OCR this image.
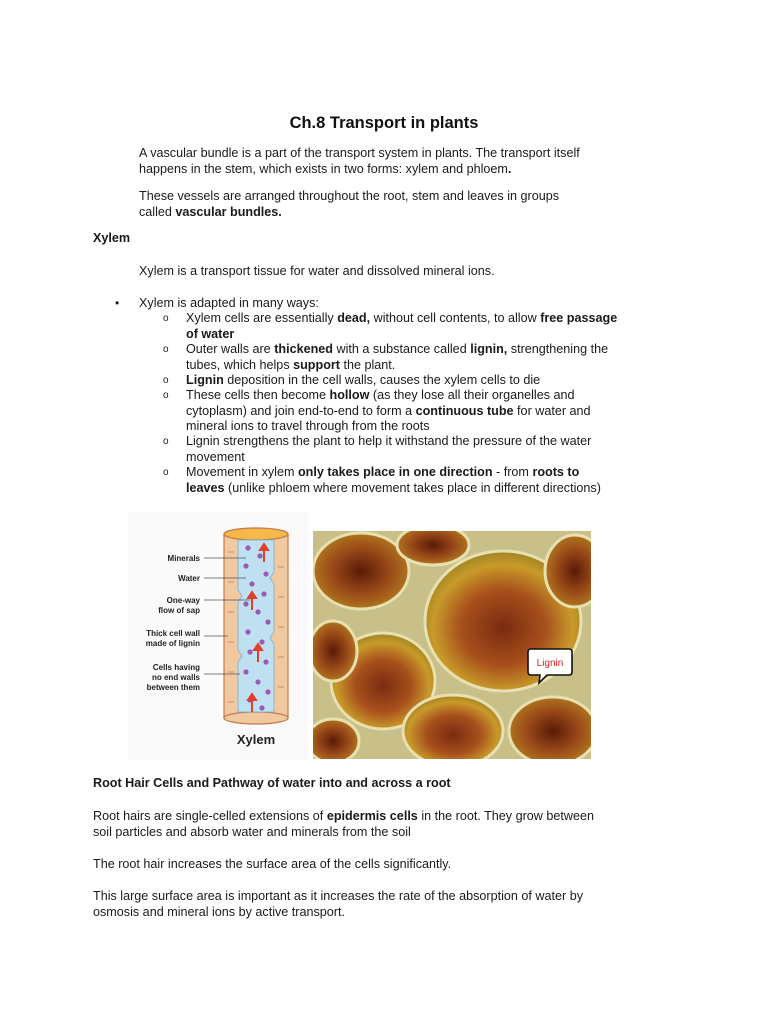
Ch.8 Transport in plants
A vascular bundle is a part of the transport system in plants. The transport itself
happens in the stem, which exists in two forms: xylem and phloem.
These vessels are arranged throughout the root, stem and leaves in groups
called vascular bundles.
Xylem
Xylem is a transport tissue for water and dissolved mineral ions.
• Xylem is adapted in many ways:
o Xylem cells are essentially dead, without cell contents, to allow free passage
of water
o Outer walls are thickened with a substance called lignin, strengthening the
tubes, which helps support the plant.
o Lignin deposition in the cell walls, causes the xylem cells to die
o These cells then become hollow (as they lose all their organelles and
cytoplasm) and join end-to-end to form a continuous tube for water and
mineral ions to travel through from the roots
o Lignin strengthens the plant to help it withstand the pressure of the water
movement
o Movement in xylem only takes place in one direction - from roots to
leaves (unlike phloem where movement takes place in different directions)
Minerals
Water
One-way
flow of sap
Thick cell wall
made of lignin
Cells having
no end walls
between them
Xylem
Lignin
Root Hair Cells and Pathway of water into and across a root
Root hairs are single-celled extensions of epidermis cells in the root. They grow between
soil particles and absorb water and minerals from the soil
The root hair increases the surface area of the cells significantly.
This large surface area is important as it increases the rate of the absorption of water by
osmosis and mineral ions by active transport.
